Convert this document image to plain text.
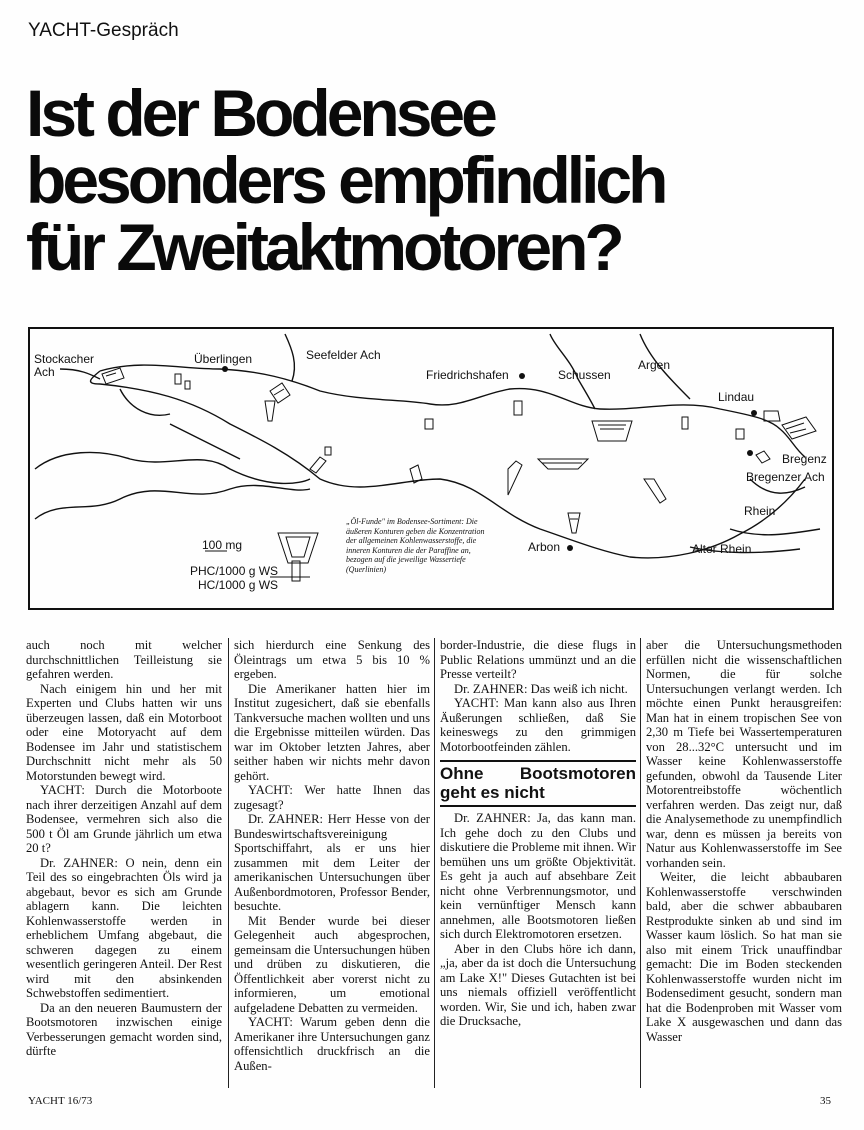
YACHT-Gespräch
Ist der Bodensee
besonders empfindlich
für Zweitaktmotoren?
Stockacher
Ach
Überlingen	Seefelder Ach
Friedrichshafen	Schussen
Argen
Lindau
Bregenz
Bregenzer Ach
Rhein
Alter Rhein
Arbon
100 mg
PHC/1000 g WS
HC/1000 g WS
„Öl-Funde" im Bodensee-Sortiment: Die äußeren Konturen geben die Konzentration der allgemeinen Kohlenwasserstoffe, die inneren Konturen die der Paraffine an, bezogen auf die jeweilige Wassertiefe (Querlinien)

auch noch mit welcher durchschnittlichen Teilleistung sie gefahren werden.

Nach einigem hin und her mit Experten und Clubs hatten wir uns überzeugen lassen, daß ein Motorboot oder eine Motoryacht auf dem Bodensee im Jahr und statistischem Durchschnitt nicht mehr als 50 Motorstunden bewegt wird.

YACHT: Durch die Motorboote nach ihrer derzeitigen Anzahl auf dem Bodensee, vermehren sich also die 500 t Öl am Grunde jährlich um etwa 20 t?

Dr. ZAHNER: O nein, denn ein Teil des so eingebrachten Öls wird ja abgebaut, bevor es sich am Grunde ablagern kann. Die leichten Kohlenwasserstoffe werden in erheblichem Umfang abgebaut, die schweren dagegen zu einem wesentlich geringeren Anteil. Der Rest wird mit den absinkenden Schwebstoffen sedimentiert.

Da an den neueren Baumustern der Bootsmotoren inzwischen einige Verbesserungen gemacht worden sind, dürfte

sich hierdurch eine Senkung des Öleintrags um etwa 5 bis 10 % ergeben.

Die Amerikaner hatten hier im Institut zugesichert, daß sie ebenfalls Tankversuche machen wollten und uns die Ergebnisse mitteilen würden. Das war im Oktober letzten Jahres, aber seither haben wir nichts mehr davon gehört.

YACHT: Wer hatte Ihnen das zugesagt?

Dr. ZAHNER: Herr Hesse von der Bundeswirtschaftsvereinigung Sportschiffahrt, als er uns hier zusammen mit dem Leiter der amerikanischen Untersuchungen über Außenbordmotoren, Professor Bender, besuchte.

Mit Bender wurde bei dieser Gelegenheit auch abgesprochen, gemeinsam die Untersuchungen hüben und drüben zu diskutieren, die Öffentlichkeit aber vorerst nicht zu informieren, um emotional aufgeladene Debatten zu vermeiden.

YACHT: Warum geben denn die Amerikaner ihre Untersuchungen ganz offensichtlich druckfrisch an die Außen-

border-Industrie, die diese flugs in Public Relations ummünzt und an die Presse verteilt?

Dr. ZAHNER: Das weiß ich nicht.

YACHT: Man kann also aus Ihren Äußerungen schließen, daß Sie keineswegs zu den grimmigen Motorbootfeinden zählen.

Ohne Bootsmotoren geht es nicht

Dr. ZAHNER: Ja, das kann man. Ich gehe doch zu den Clubs und diskutiere die Probleme mit ihnen. Wir bemühen uns um größte Objektivität. Es geht ja auch auf absehbare Zeit nicht ohne Verbrennungsmotor, und kein vernünftiger Mensch kann annehmen, alle Bootsmotoren ließen sich durch Elektromotoren ersetzen.

Aber in den Clubs höre ich dann, „ja, aber da ist doch die Untersuchung am Lake X!" Dieses Gutachten ist bei uns niemals offiziell veröffentlicht worden. Wir, Sie und ich, haben zwar die Drucksache,

aber die Untersuchungsmethoden erfüllen nicht die wissenschaftlichen Normen, die für solche Untersuchungen verlangt werden. Ich möchte einen Punkt herausgreifen: Man hat in einem tropischen See von 2,30 m Tiefe bei Wassertemperaturen von 28...32°C untersucht und im Wasser keine Kohlenwasserstoffe gefunden, obwohl da Tausende Liter Motorentreibstoffe wöchentlich verfahren werden. Das zeigt nur, daß die Analysemethode zu unempfindlich war, denn es müssen ja bereits von Natur aus Kohlenwasserstoffe im See vorhanden sein.

Weiter, die leicht abbaubaren Kohlenwasserstoffe verschwinden bald, aber die schwer abbaubaren Restprodukte sinken ab und sind im Wasser kaum löslich. So hat man sie also mit einem Trick unauffindbar gemacht: Die im Boden steckenden Kohlenwasserstoffe wurden nicht im Bodensediment gesucht, sondern man hat die Bodenproben mit Wasser vom Lake X ausgewaschen und dann das Wasser

YACHT 16/73	35
